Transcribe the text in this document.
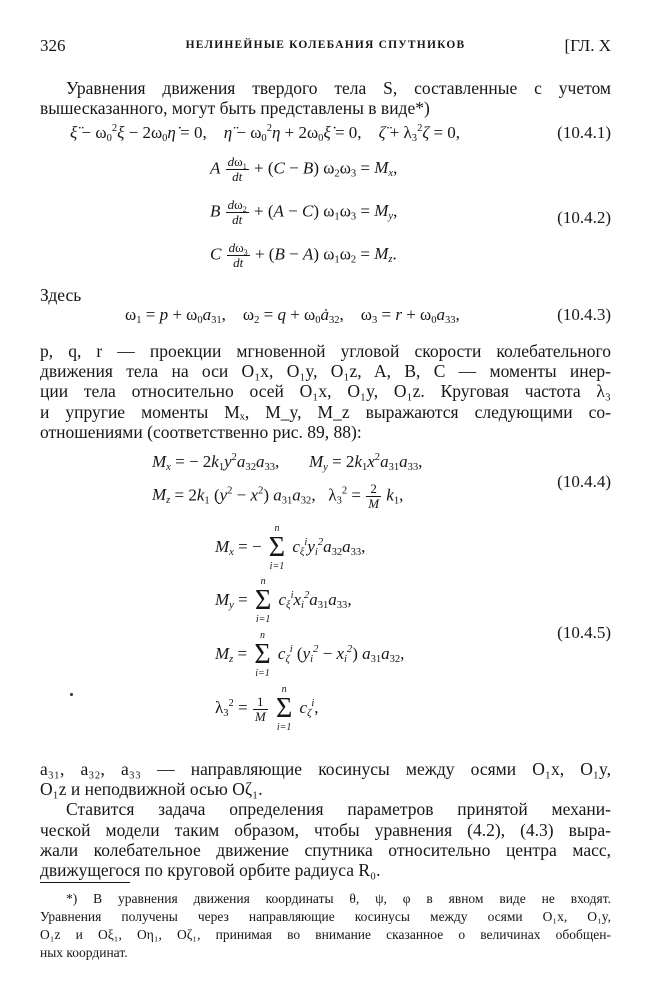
326	НЕЛИНЕЙНЫЕ КОЛЕБАНИЯ СПУТНИКОВ	[ГЛ. X
Уравнения движения твердого тела S, составленные с учетом
вышесказанного, могут быть представлены в виде*)
ξ̈ − $\omega_0^2\xi$ − $2\omega_0\etȧ = 0$,    η̈ − $\omega_0^2\eta$ + $2\omega_0\xi̇ = 0$,    ζ̈ + $\lambda_3^2\zeta = 0$,	(10.4.1)
A $\frac{d\omega_1}{dt} + (C - B) \omega_2\omega_3 = M_x$,
B $\frac{d\omega_2}{dt} + (A - C) \omega_1\omega_3 = M_y$,
C $\frac{d\omega_3}{dt} + (B - A) \omega_1\omega_2 = M_z$.
(10.4.2)
Здесь
$\omega_1 = p + \omega_0a_{31}$,    $\omega_2 = q$ + $\omega_0ȧ_{32}$,    $\omega_3 = r + \omega_0a_{33}$,	(10.4.3)
p, q, r — проекции мгновенной угловой скорости колебательного
движения тела на оси O₁x, O₁y, O₁z, A, B, C — моменты инер-
ции тела относительно осей O₁x, O₁y, O₁z. Круговая частота λ₃
и упругие моменты Mₓ, M_y, M_z выражаются следующими со-
отношениями (соответственно рис. 89, 88):
$M_x$ = − $2k_1y^2a_{32}a_{33}$,       $M_y = 2k_1x^2a_{31}a_{33}$,
$M_z = 2k_1$ $(y^2 - x^2)$ $a_{31}a_{32}$,   $\lambda_3^2 = \frac{2}{M} k_1$,
(10.4.4)
$M_x$ = −
n
Σ
i=1
$c_\xi^iy_i^2a_{32}a_{33}$,
$M_y$ =
n
Σ
i=1
$c_\xi^ix_i^2a_{31}a_{33}$,
$M_z$ =
n
Σ
i=1
$c_\zeta^i$ $(y_i^2 - x_i^2)$ $a_{31}a_{32}$,
$\lambda_3^2 = \frac{1}{M}$

n
Σ
i=1
$c_\zeta^i$,
(10.4.5)
a₃₁, a₃₂, a₃₃ — направляющие косинусы между осями O₁x, O₁y,
O₁z и неподвижной осью Oζ₁.
Ставится задача определения параметров принятой механи-
ческой модели таким образом, чтобы уравнения (4.2), (4.3) выра-
жали колебательное движение спутника относительно центра масс,
движущегося по круговой орбите радиуса R₀.
*) В уравнения движения координаты θ, ψ, φ в явном виде не входят.
Уравнения получены через направляющие косинусы между осями O₁x, O₁y,
O₁z и Oξ₁, Oη₁, Oζ₁, принимая во внимание сказанное о величинах обобщен-
ных координат.
